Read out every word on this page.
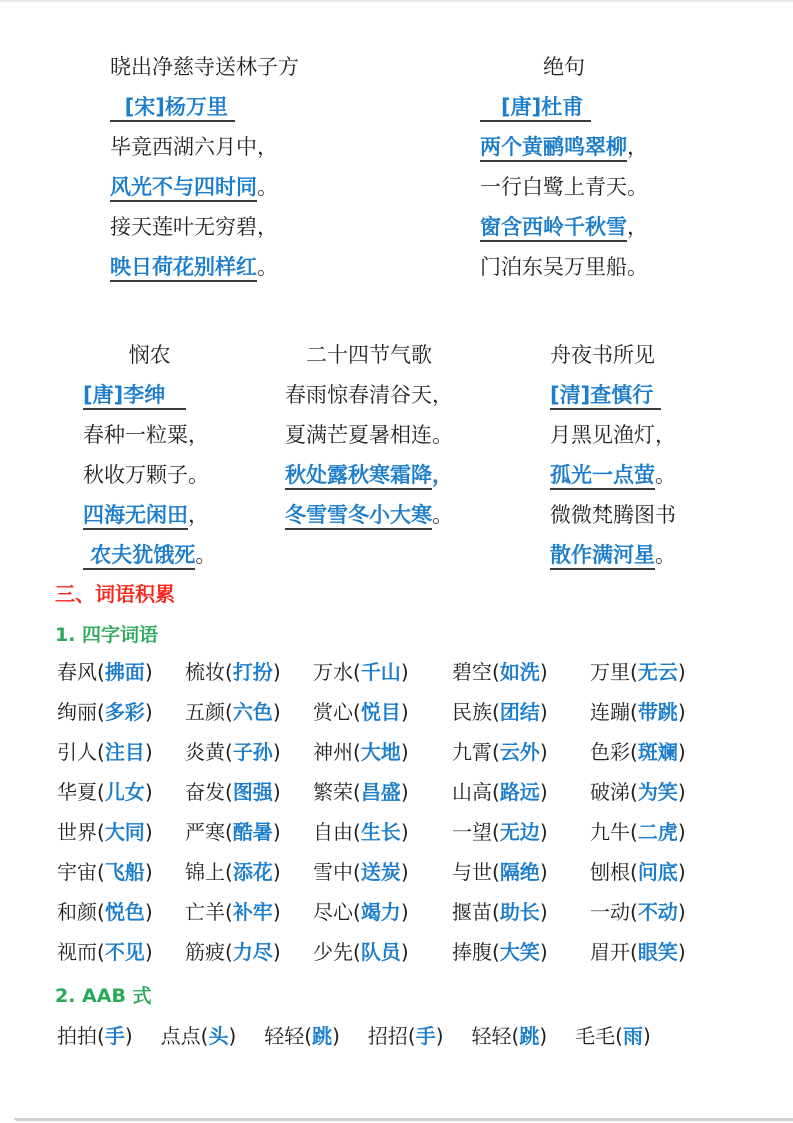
晓出净慈寺送林子方
[宋]杨万里
毕竟西湖六月中，
风光不与四时同。
接天莲叶无穷碧，
映日荷花别样红。
绝句
　[唐]杜甫
两个黄鹂鸣翠柳，
一行白鹭上青天。
窗含西岭千秋雪，
门泊东吴万里船。
悯农
[唐]李绅　
春种一粒粟，
秋收万颗子。
四海无闲田，
农夫犹饿死。
二十四节气歌
春雨惊春清谷天，
夏满芒夏暑相连。
秋处露秋寒霜降，
冬雪雪冬小大寒。
舟夜书所见
[清]查慎行
月黑见渔灯，
孤光一点萤。
微微梵腾图书
散作满河星。
三、词语积累
1. 四字词语
春风(拂面)	梳妆(打扮)	万水(千山)	碧空(如洗)	万里(无云)
绚丽(多彩)	五颜(六色)	赏心(悦目)	民族(团结)	连蹦(带跳)
引人(注目)	炎黄(子孙)	神州(大地)	九霄(云外)	色彩(斑斓)
华夏(儿女)	奋发(图强)	繁荣(昌盛)	山高(路远)	破涕(为笑)
世界(大同)	严寒(酷暑)	自由(生长)	一望(无边)	九牛(二虎)
宇宙(飞船)	锦上(添花)	雪中(送炭)	与世(隔绝)	刨根(问底)
和颜(悦色)	亡羊(补牢)	尽心(竭力)	揠苗(助长)	一动(不动)
视而(不见)	筋疲(力尽)	少先(队员)	捧腹(大笑)	眉开(眼笑)
2. AAB 式
拍拍(手) 点点(头) 轻轻(跳) 招招(手) 轻轻(跳) 毛毛(雨)
